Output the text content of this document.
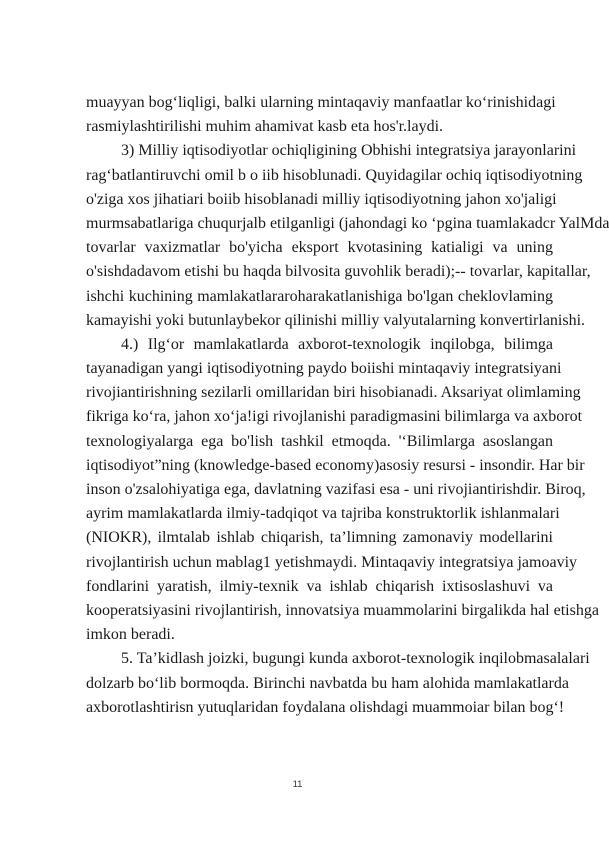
muayyan bog‘liqligi, balki ularning mintaqaviy manfaatlar ko‘rinishidagi
rasmiylashtirilishi muhim ahamivat kasb eta hos'r.laydi.
3) Milliy iqtisodiyotlar ochiqligining Obhishi integratsiya jarayonlarini
rag‘batlantiruvchi omil b o iib hisoblunadi. Quyidagilar ochiq iqtisodiyotning
o'ziga xos jihatiari boiib hisoblanadi milliy iqtisodiyotning jahon xo'jaligi
murmsabatlariga chuqurjalb etilganligi (jahondagi ko ‘pgina tuamlakadcr YalMda
tovarlar vaxizmatlar bo'yicha eksport kvotasining katialigi va uning
o'sishdadavom etishi bu haqda bilvosita guvohlik beradi);-- tovarlar, kapitallar,
ishchi kuchining mamlakatlararoharakatlanishiga bo'lgan cheklovlaming
kamayishi yoki butunlaybekor qilinishi milliy valyutalarning konvertirlanishi.
4.) Ilg‘or mamlakatlarda axborot-texnologik inqilobga, bilimga
tayanadigan yangi iqtisodiyotning paydo boiishi mintaqaviy integratsiyani
rivojiantirishning sezilarli omillaridan biri hisobianadi. Aksariyat olimlaming
fikriga ko‘ra, jahon xo‘ja!igi rivojlanishi paradigmasini bilimlarga va axborot
texnologiyalarga ega bo'lish tashkil etmoqda. '‘Bilimlarga asoslangan
iqtisodiyot”ning (knowledge-based economy)asosiy resursi - insondir. Har bir
inson o'zsalohiyatiga ega, davlatning vazifasi esa - uni rivojiantirishdir. Biroq,
ayrim mamlakatlarda ilmiy-tadqiqot va tajriba konstruktorlik ishlanmalari
(NIOKR), ilmtalab ishlab chiqarish, ta’limning zamonaviy modellarini
rivojlantirish uchun mablag1 yetishmaydi. Mintaqaviy integratsiya jamoaviy
fondlarini yaratish, ilmiy-texnik va ishlab chiqarish ixtisoslashuvi va
kooperatsiyasini rivojlantirish, innovatsiya muammolarini birgalikda hal etishga
imkon beradi.
5. Ta’kidlash joizki, bugungi kunda axborot-texnologik inqilobmasalalari
dolzarb bo‘lib bormoqda. Birinchi navbatda bu ham alohida mamlakatlarda
axborotlashtirisn yutuqlaridan foydalana olishdagi muammoiar bilan bog‘!
11
